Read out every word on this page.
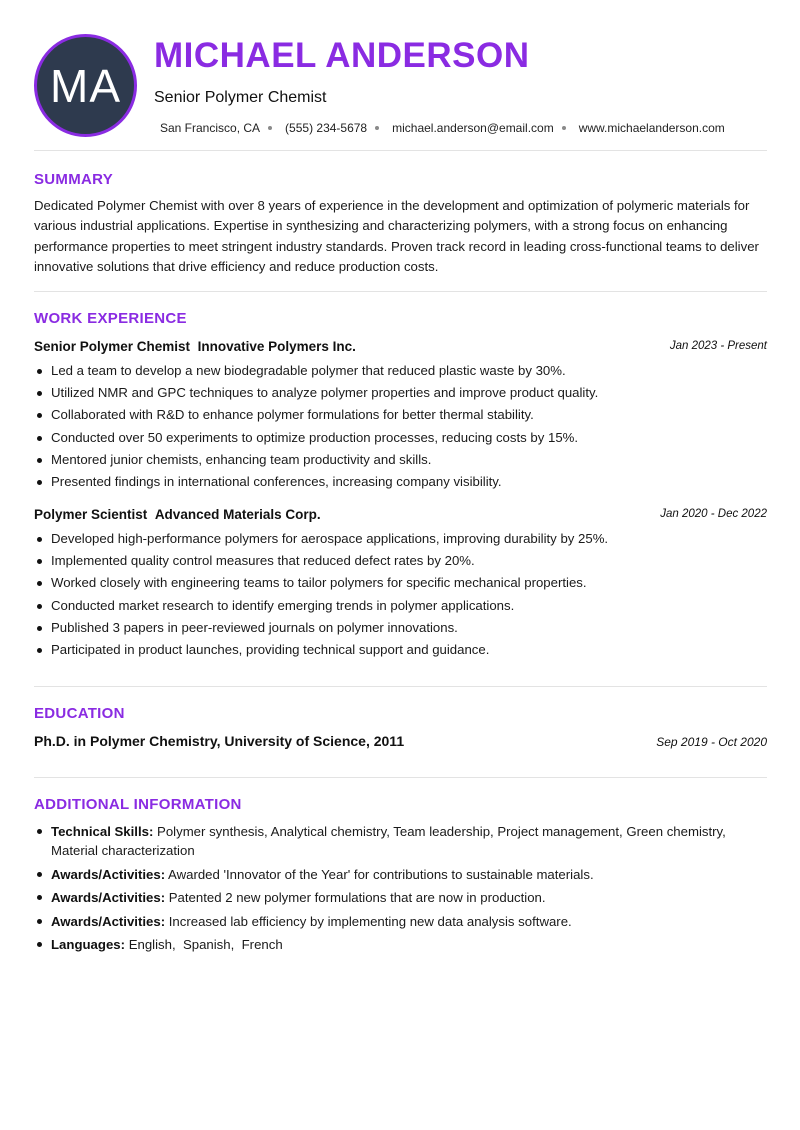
MA
MICHAEL ANDERSON
Senior Polymer Chemist
San Francisco, CA (555) 234-5678 michael.anderson@email.com www.michaelanderson.com
SUMMARY

Dedicated Polymer Chemist with over 8 years of experience in the development and optimization of polymeric materials for various industrial applications. Expertise in synthesizing and characterizing polymers, with a strong focus on enhancing performance properties to meet stringent industry standards. Proven track record in leading cross-functional teams to deliver innovative solutions that drive efficiency and reduce production costs.

WORK EXPERIENCE
Senior Polymer Chemist Innovative Polymers Inc.	Jan 2023 - Present
Led a team to develop a new biodegradable polymer that reduced plastic waste by 30%.
Utilized NMR and GPC techniques to analyze polymer properties and improve product quality.
Collaborated with R&D to enhance polymer formulations for better thermal stability.
Conducted over 50 experiments to optimize production processes, reducing costs by 15%.
Mentored junior chemists, enhancing team productivity and skills.
Presented findings in international conferences, increasing company visibility.
Polymer Scientist Advanced Materials Corp.	Jan 2020 - Dec 2022
Developed high-performance polymers for aerospace applications, improving durability by 25%.
Implemented quality control measures that reduced defect rates by 20%.
Worked closely with engineering teams to tailor polymers for specific mechanical properties.
Conducted market research to identify emerging trends in polymer applications.
Published 3 papers in peer-reviewed journals on polymer innovations.
Participated in product launches, providing technical support and guidance.
EDUCATION
Ph.D. in Polymer Chemistry, University of Science, 2011	Sep 2019 - Oct 2020
ADDITIONAL INFORMATION
Technical Skills: Polymer synthesis, Analytical chemistry, Team leadership, Project management, Green chemistry, Material characterization
Awards/Activities: Awarded 'Innovator of the Year' for contributions to sustainable materials.
Awards/Activities: Patented 2 new polymer formulations that are now in production.
Awards/Activities: Increased lab efficiency by implementing new data analysis software.
Languages: English , Spanish , French
